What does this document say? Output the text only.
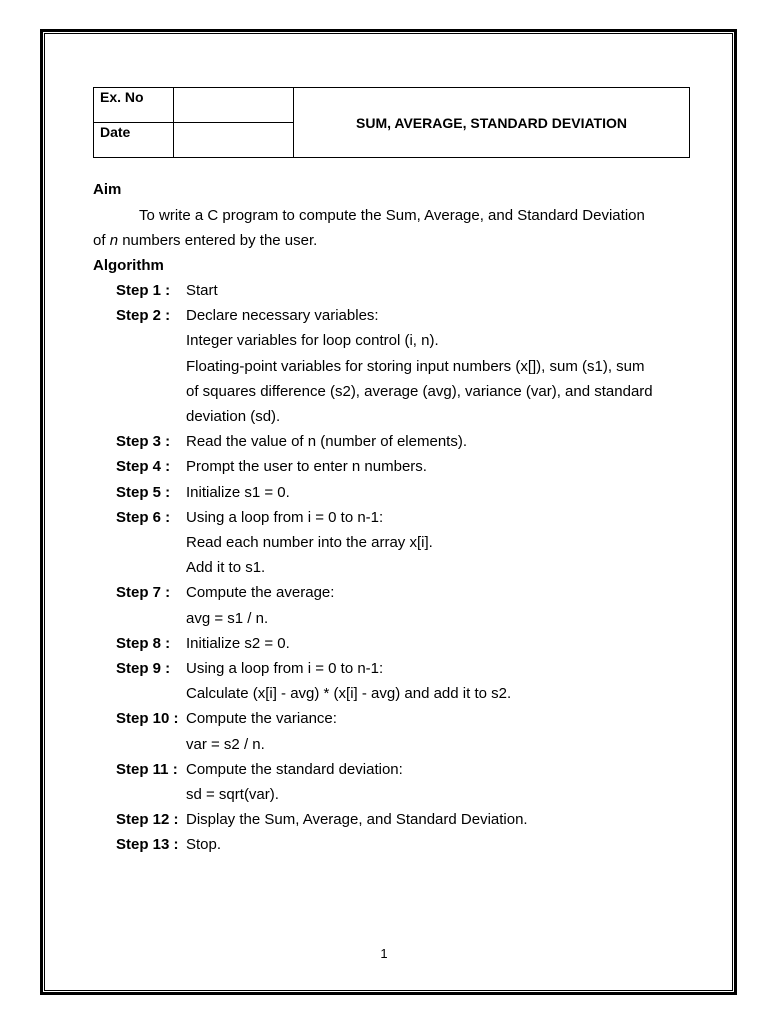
Ex. No		SUM, AVERAGE, STANDARD DEVIATION
Date		
Aim
To write a C program to compute the Sum, Average, and Standard Deviation
of n numbers entered by the user.
Algorithm
Step 1 : Start
Step 2 : Declare necessary variables:
Integer variables for loop control (i, n).
Floating-point variables for storing input numbers (x[]), sum (s1), sum
of squares difference (s2), average (avg), variance (var), and standard
deviation (sd).
Step 3 : Read the value of n (number of elements).
Step 4 : Prompt the user to enter n numbers.
Step 5 : Initialize s1 = 0.
Step 6 : Using a loop from i = 0 to n-1:
Read each number into the array x[i].
Add it to s1.
Step 7 : Compute the average:
avg = s1 / n.
Step 8 : Initialize s2 = 0.
Step 9 : Using a loop from i = 0 to n-1:
Calculate (x[i] - avg) * (x[i] - avg) and add it to s2.
Step 10 : Compute the variance:
var = s2 / n.
Step 11 : Compute the standard deviation:
sd = sqrt(var).
Step 12 : Display the Sum, Average, and Standard Deviation.
Step 13 : Stop.
1
